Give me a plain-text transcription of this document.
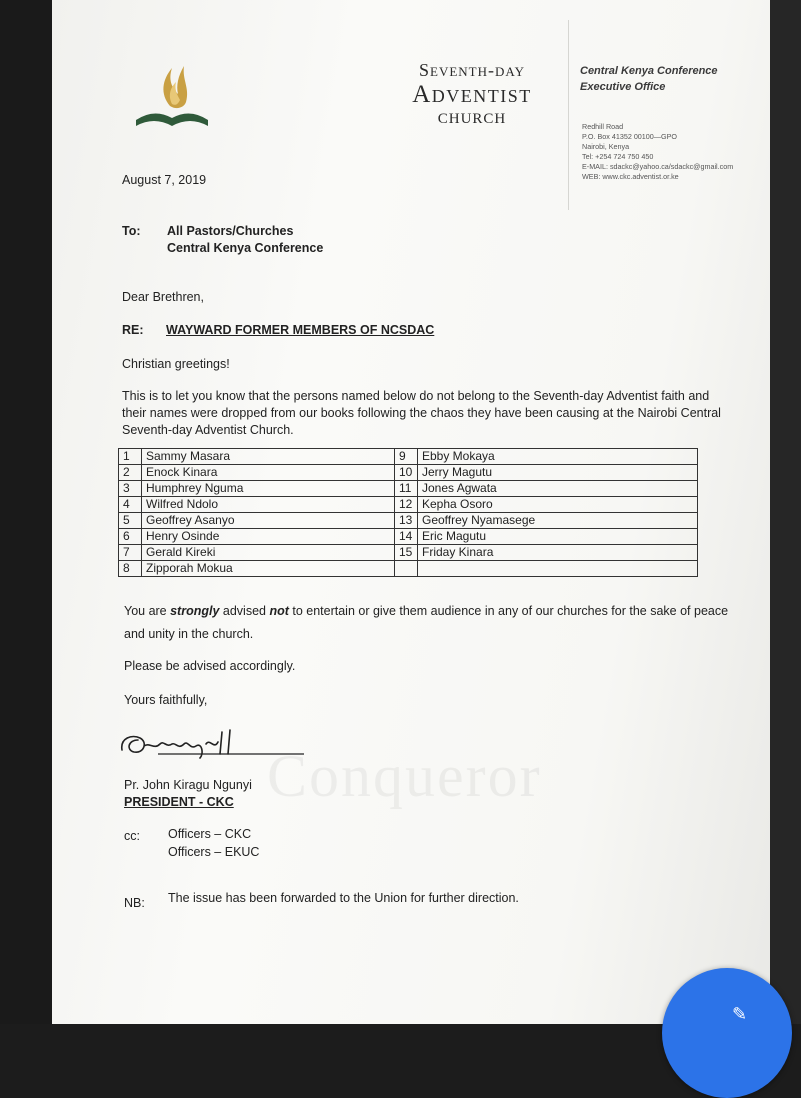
Conqueror
Seventh-day
Adventist
CHURCH
Central Kenya Conference
Executive Office
Redhill Road
P.O. Box 41352 00100—GPO
Nairobi, Kenya
Tel: +254 724 750 450
E-MAIL: sdackc@yahoo.ca/sdackc@gmail.com
WEB: www.ckc.adventist.or.ke
August 7, 2019
To: All Pastors/Churches
Central Kenya Conference
Dear Brethren,
RE: WAYWARD FORMER MEMBERS OF NCSDAC
Christian greetings!
This is to let you know that the persons named below do not belong to the Seventh-day Adventist faith and
their names were dropped from our books following the chaos they have been causing at the Nairobi Central
Seventh-day Adventist Church.
1	Sammy Masara	9	Ebby Mokaya
2	Enock Kinara	10	Jerry Magutu
3	Humphrey Nguma	11	Jones Agwata
4	Wilfred Ndolo	12	Kepha Osoro
5	Geoffrey Asanyo	13	Geoffrey Nyamasege
6	Henry Osinde	14	Eric Magutu
7	Gerald Kireki	15	Friday Kinara
8	Zipporah Mokua		
You are strongly advised not to entertain or give them audience in any of our churches for the sake of peace
and unity in the church.
Please be advised accordingly.
Yours faithfully,
Pr. John Kiragu Ngunyi
PRESIDENT - CKC
cc: Officers – CKC
Officers – EKUC
NB: The issue has been forwarded to the Union for further direction.
✎
